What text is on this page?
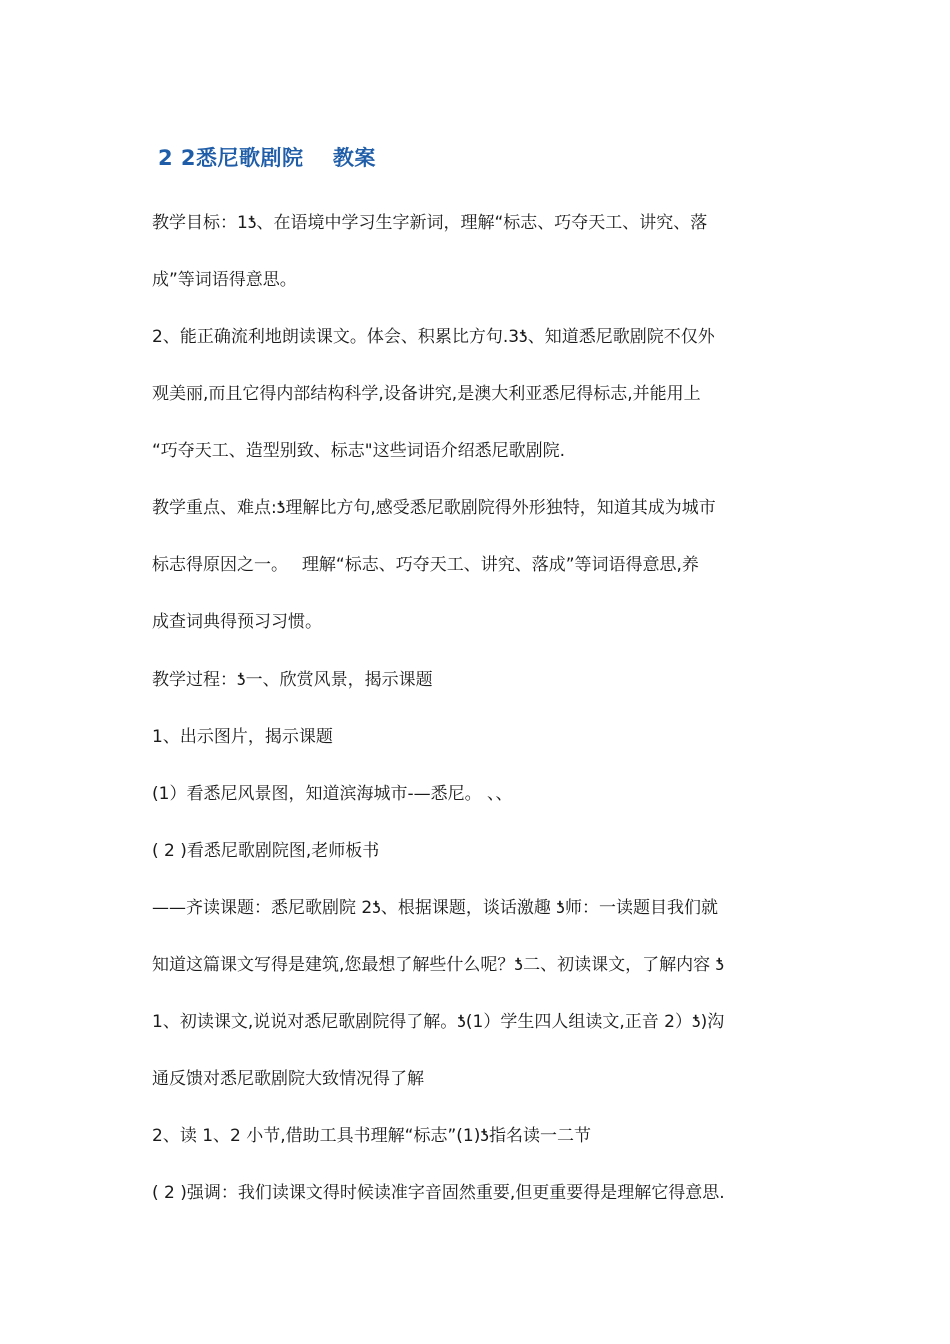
2 2悉尼歌剧院　 教案
教学目标：1ƾ、在语境中学习生字新词，理解“标志、巧夺天工、讲究、落
成”等词语得意思。
2、能正确流利地朗读课文。体会、积累比方句.3ƾ、知道悉尼歌剧院不仅外
观美丽,而且它得内部结构科学,设备讲究,是澳大利亚悉尼得标志,并能用上
“巧夺天工、造型别致、标志"这些词语介绍悉尼歌剧院.
教学重点、难点:ƾ理解比方句,感受悉尼歌剧院得外形独特，知道其成为城市
标志得原因之一。　 理解“标志、巧夺天工、讲究、落成”等词语得意思,养
成查词典得预习习惯。
教学过程：ƾ一、欣赏风景，揭示课题
1、出示图片，揭示课题
(1）看悉尼风景图，知道滨海城市-—悉尼。 、、
( 2 )看悉尼歌剧院图,老师板书
——齐读课题：悉尼歌剧院 2ƾ、根据课题，谈话激趣 ƾ师：一读题目我们就
知道这篇课文写得是建筑,您最想了解些什么呢？ƾ二、初读课文，了解内容 ƾ
1、初读课文,说说对悉尼歌剧院得了解。ƾ(1）学生四人组读文,正音 2）ƾ)沟
通反馈对悉尼歌剧院大致情况得了解
2、读 1、2 小节,借助工具书理解“标志”(1)ƾ指名读一二节
( 2 )强调：我们读课文得时候读准字音固然重要,但更重要得是理解它得意思.
